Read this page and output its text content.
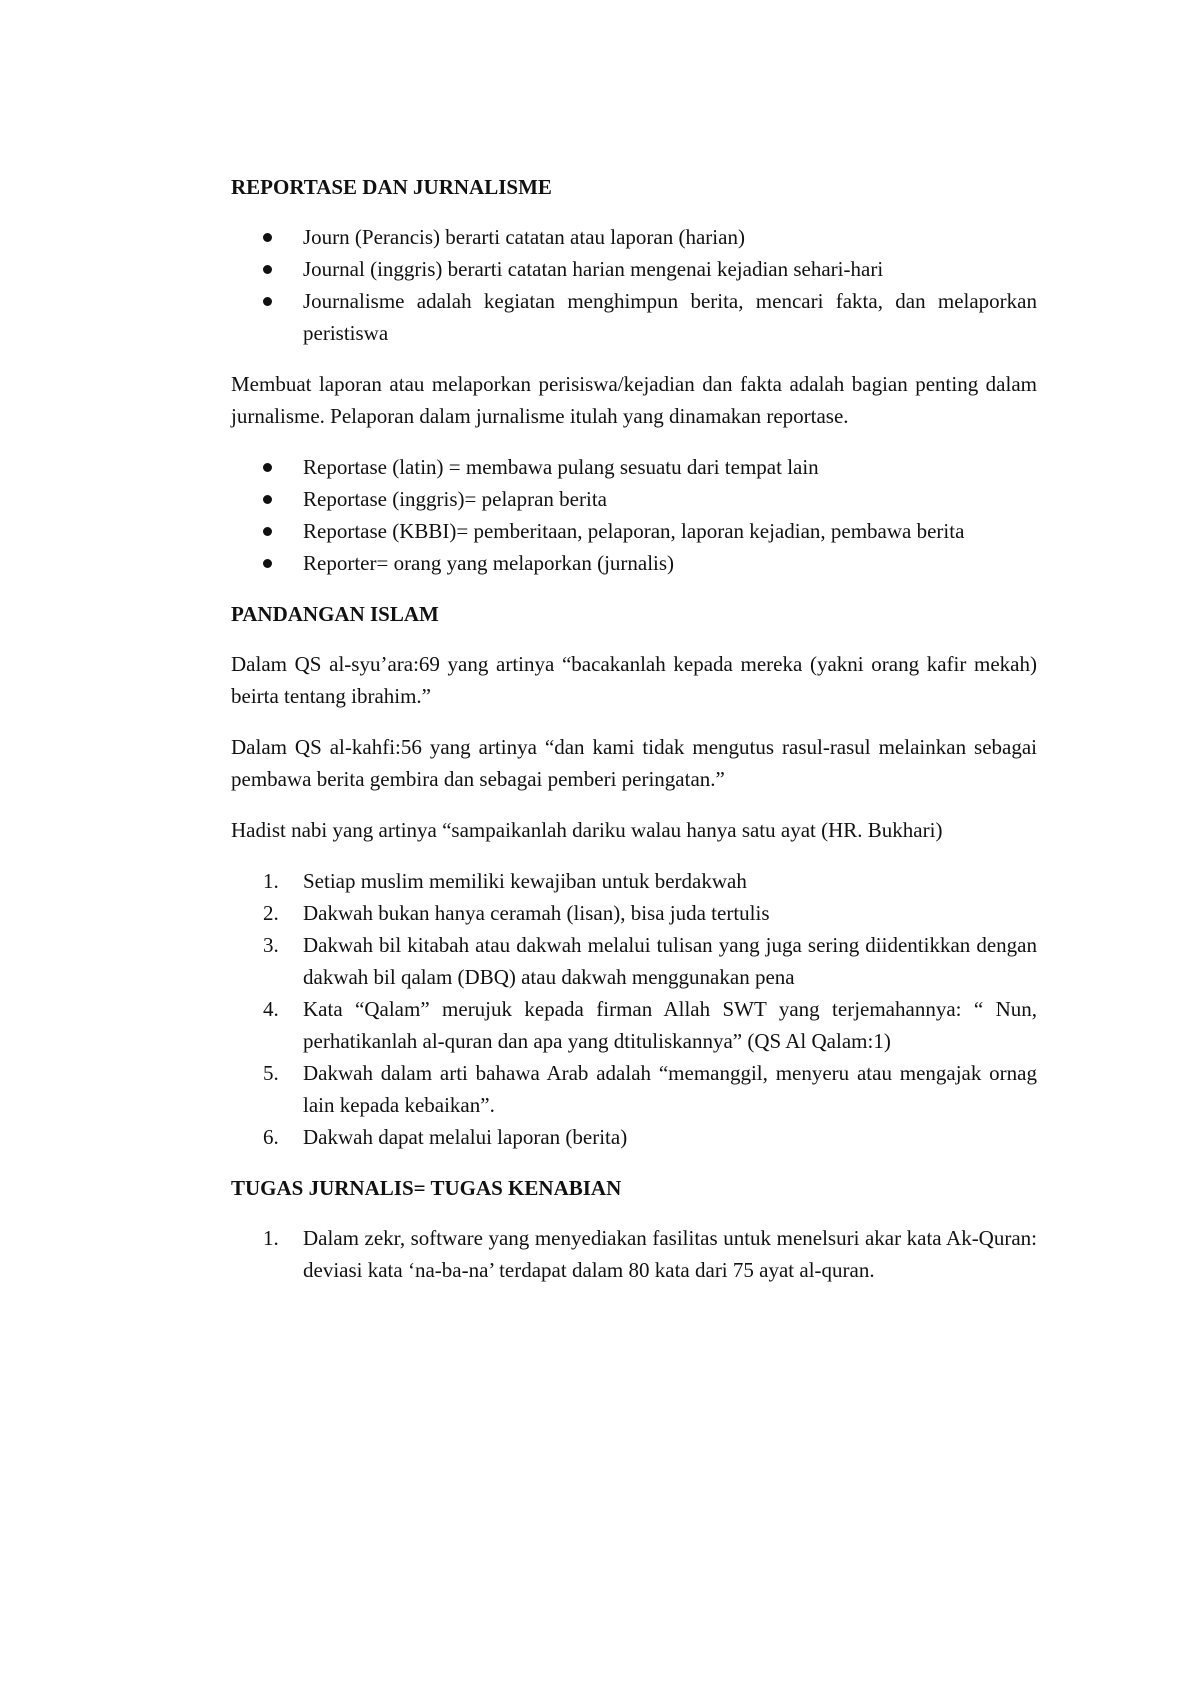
REPORTASE DAN JURNALISME
Journ (Perancis) berarti catatan atau laporan (harian)
Journal (inggris) berarti catatan harian mengenai kejadian sehari-hari
Journalisme adalah kegiatan menghimpun berita, mencari fakta, dan melaporkan peristiswa

Membuat laporan atau melaporkan perisiswa/kejadian dan fakta adalah bagian penting dalam jurnalisme. Pelaporan dalam jurnalisme itulah yang dinamakan reportase.

Reportase (latin) = membawa pulang sesuatu dari tempat lain
Reportase (inggris)= pelapran berita
Reportase (KBBI)= pemberitaan, pelaporan, laporan kejadian, pembawa berita
Reporter= orang yang melaporkan (jurnalis)
PANDANGAN ISLAM

Dalam QS al-syu’ara:69 yang artinya “bacakanlah kepada mereka (yakni orang kafir mekah) beirta tentang ibrahim.”

Dalam QS al-kahfi:56 yang artinya “dan kami tidak mengutus rasul-rasul melainkan sebagai pembawa berita gembira dan sebagai pemberi peringatan.”

Hadist nabi yang artinya “sampaikanlah dariku walau hanya satu ayat (HR. Bukhari)

1. Setiap muslim memiliki kewajiban untuk berdakwah
2. Dakwah bukan hanya ceramah (lisan), bisa juda tertulis
3. Dakwah bil kitabah atau dakwah melalui tulisan yang juga sering diidentikkan dengan dakwah bil qalam (DBQ) atau dakwah menggunakan pena
4. Kata “Qalam” merujuk kepada firman Allah SWT yang terjemahannya: “ Nun, perhatikanlah al-quran dan apa yang dtituliskannya” (QS Al Qalam:1)
5. Dakwah dalam arti bahawa Arab adalah “memanggil, menyeru atau mengajak ornag lain kepada kebaikan”.
6. Dakwah dapat melalui laporan (berita)
TUGAS JURNALIS= TUGAS KENABIAN
1. Dalam zekr, software yang menyediakan fasilitas untuk menelsuri akar kata Ak-Quran: deviasi kata ‘na-ba-na’ terdapat dalam 80 kata dari 75 ayat al-quran.
